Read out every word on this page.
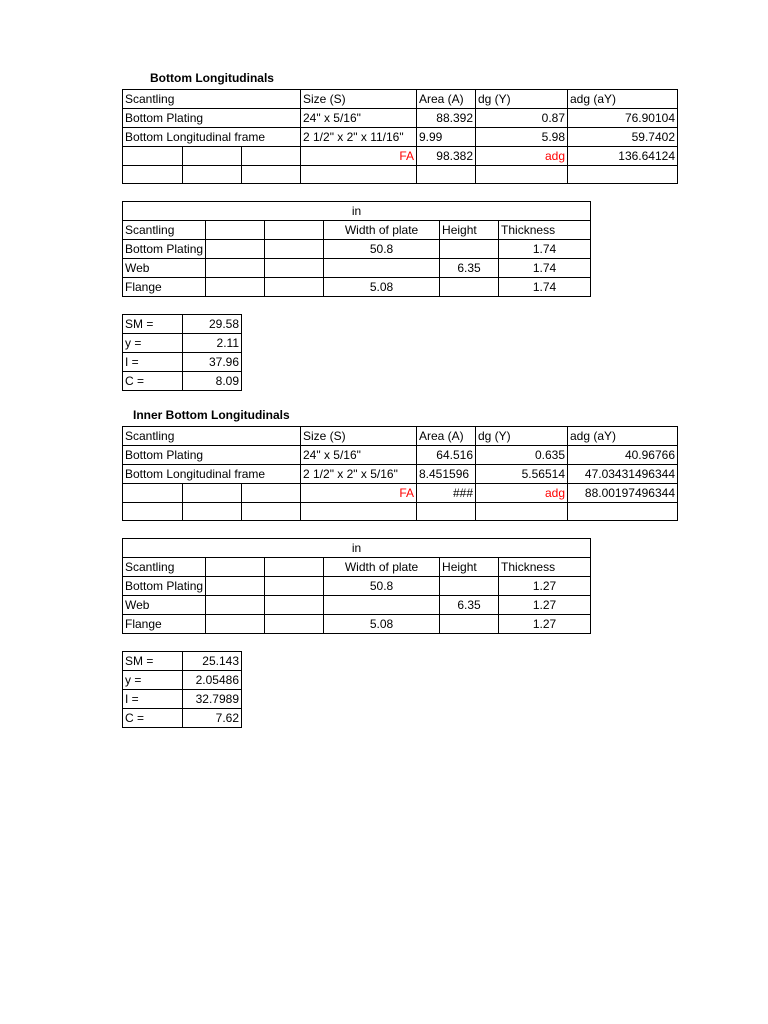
Bottom Longitudinals
Scantling			Size (S)	Area (A)	dg (Y)	adg (aY)
Bottom Plating			24" x 5/16"	88.392	0.87	76.90104
Bottom Longitudinal frame			2 1/2" x 2" x 11/16"	9.99	5.98	59.7402
			FA	98.382	adg	136.64124

in					
Scantling			Width of plate	Height	Thickness
Bottom Plating			50.8		1.74
Web				6.35	1.74
Flange			5.08		1.74
SM =	29.58
y =	2.11
I =	37.96
C =	8.09
Inner Bottom Longitudinals
Scantling			Size (S)	Area (A)	dg (Y)	adg (aY)
Bottom Plating			24" x 5/16"	64.516	0.635	40.96766
Bottom Longitudinal frame			2 1/2" x 2" x 5/16"	8.451596	5.56514	47.03431496344
			FA	###	adg	88.00197496344

in					
Scantling			Width of plate	Height	Thickness
Bottom Plating			50.8		1.27
Web				6.35	1.27
Flange			5.08		1.27
SM =	25.143
y =	2.05486
I =	32.7989
C =	7.62
